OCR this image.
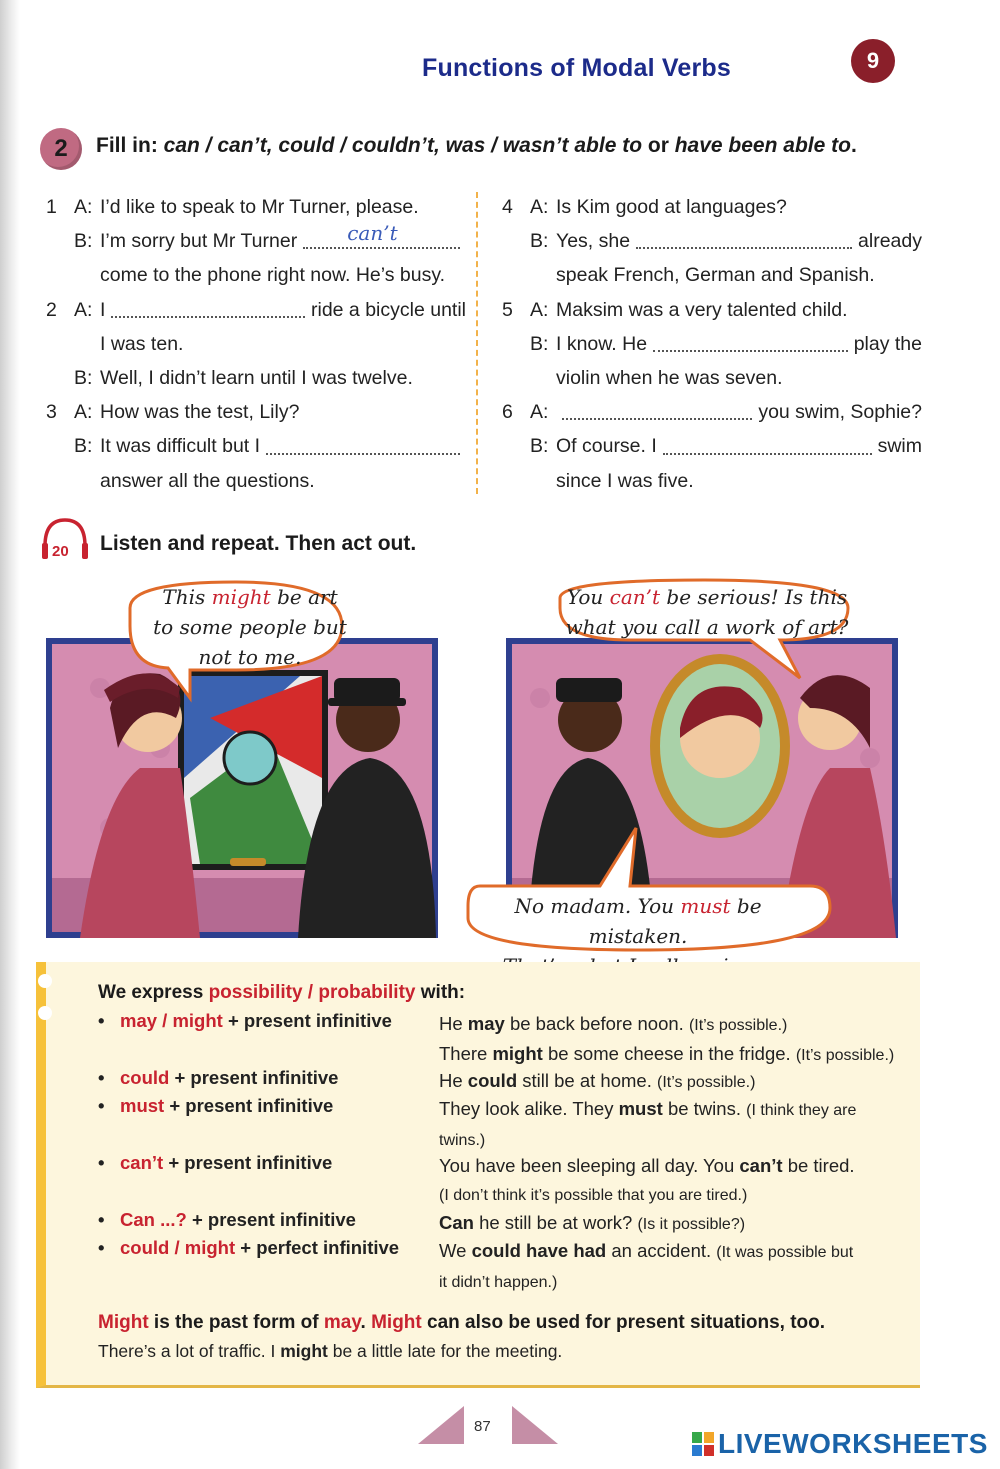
Functions of Modal Verbs	9
2	Fill in: can / can’t, could / couldn’t, was / wasn’t able to or have been able to.
1 A: I’d like to speak to Mr Turner, please.
B: I’m sorry but Mr Turner	can’t
come to the phone right now. He’s busy.
2 A: I	ride a bicycle until
I was ten.
B: Well, I didn’t learn until I was twelve.
3 A: How was the test, Lily?
B: It was difficult but I
answer all the questions.
4 A: Is Kim good at languages?
B: Yes, she	already
speak French, German and Spanish.
5 A: Maksim was a very talented child.
B: I know. He	play the
violin when he was seven.
6 A:	you swim, Sophie?
B: Of course. I	swim
since I was five.
20 Listen and repeat. Then act out.
This might be art
to some people but
not to me.
You can’t be serious! Is this
what you call a work of art?
No madam. You must be mistaken.
We express possibility / probability with:
• may / might + present infinitive	He may be back before noon. (It’s possible.)
There might be some cheese in the fridge. (It’s possible.)
• could + present infinitive	He could still be at home. (It’s possible.)
• must + present infinitive	They look alike. They must be twins. (I think they are
twins.)
• can’t + present infinitive	You have been sleeping all day. You can’t be tired.
(I don’t think it’s possible that you are tired.)
• Can ...? + present infinitive	Can he still be at work? (Is it possible?)
• could / might + perfect infinitive We could have had an accident. (It was possible but
it didn’t happen.)
Might is the past form of may. Might can also be used for present situations, too.
There’s a lot of traffic. I might be a little late for the meeting.
87
LIVEWORKSHEETS
